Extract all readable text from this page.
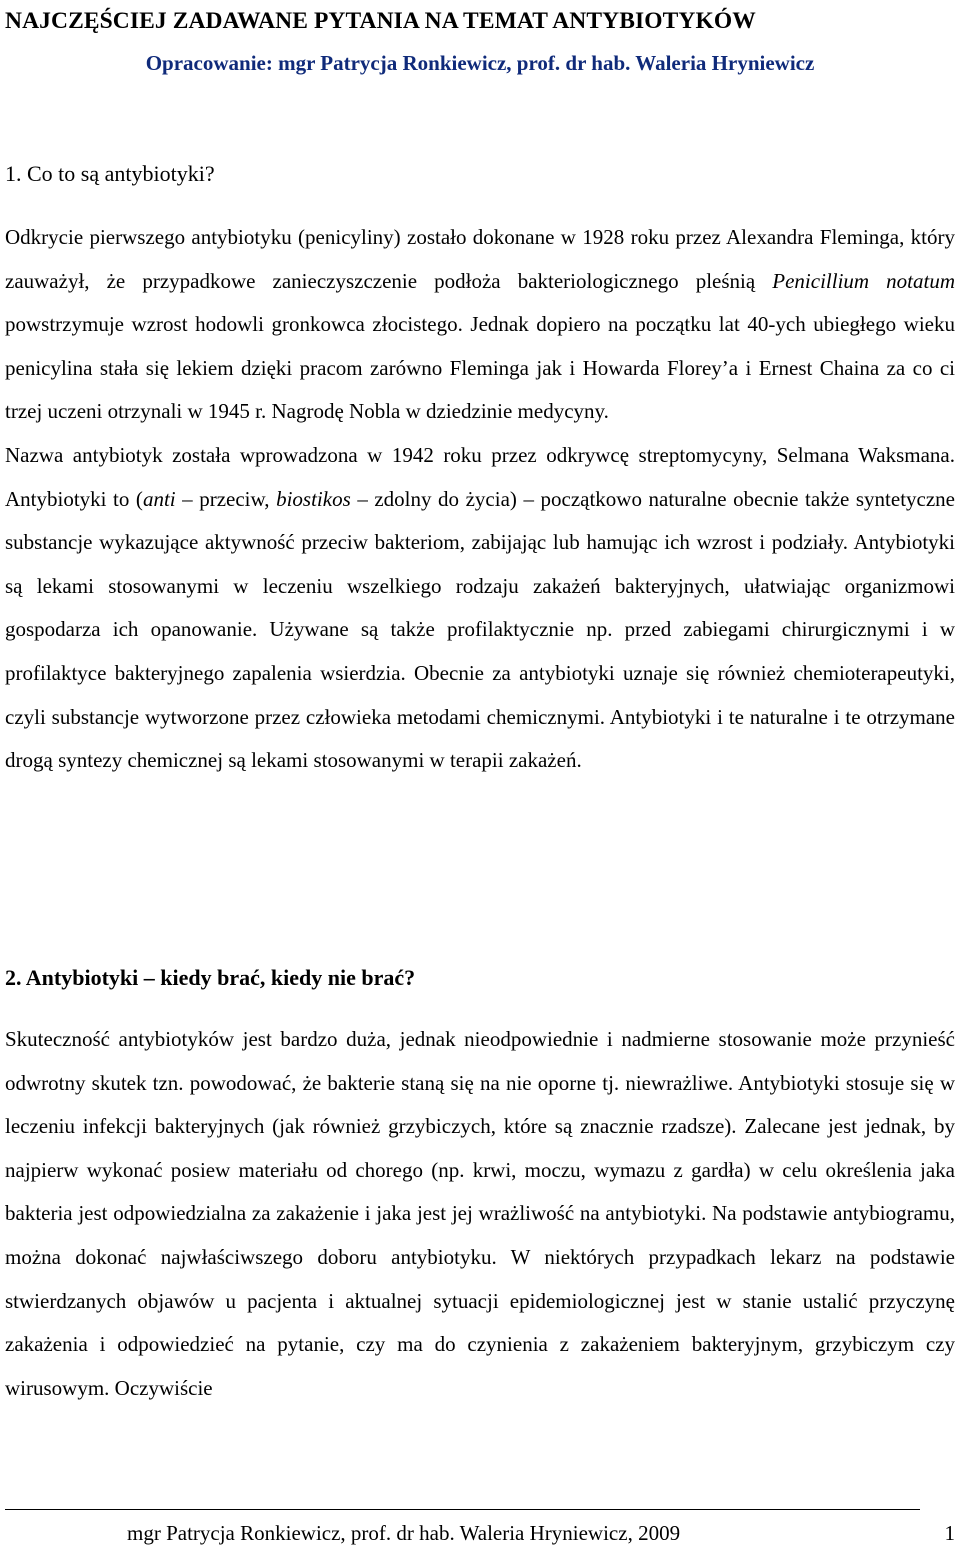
NAJCZĘŚCIEJ ZADAWANE PYTANIA NA TEMAT ANTYBIOTYKÓW

Opracowanie: mgr Patrycja Ronkiewicz, prof. dr hab. Waleria Hryniewicz

1. Co to są antybiotyki?
Odkrycie pierwszego antybiotyku (penicyliny) zostało dokonane w 1928 roku przez Alexandra Fleminga, który zauważył, że przypadkowe zanieczyszczenie podłoża bakteriologicznego pleśnią Penicillium notatum powstrzymuje wzrost hodowli gronkowca złocistego. Jednak dopiero na początku lat 40-ych ubiegłego wieku penicylina stała się lekiem dzięki pracom zarówno Fleminga jak i Howarda Florey’a i Ernest Chaina za co ci trzej uczeni otrzynali w 1945 r. Nagrodę Nobla w dziedzinie medycyny.
Nazwa antybiotyk została wprowadzona w 1942 roku przez odkrywcę streptomycyny, Selmana Waksmana. Antybiotyki to (anti – przeciw, biostikos – zdolny do życia) – początkowo naturalne obecnie także syntetyczne substancje wykazujące aktywność przeciw bakteriom, zabijając lub hamując ich wzrost i podziały. Antybiotyki są lekami stosowanymi w leczeniu wszelkiego rodzaju zakażeń bakteryjnych, ułatwiając organizmowi gospodarza ich opanowanie. Używane są także profilaktycznie np. przed zabiegami chirurgicznymi i w profilaktyce bakteryjnego zapalenia wsierdzia. Obecnie za antybiotyki uznaje się również chemioterapeutyki, czyli substancje wytworzone przez człowieka metodami chemicznymi. Antybiotyki i te naturalne i te otrzymane drogą syntezy chemicznej są lekami stosowanymi w terapii zakażeń.
2. Antybiotyki – kiedy brać, kiedy nie brać?
Skuteczność antybiotyków jest bardzo duża, jednak nieodpowiednie i nadmierne stosowanie może przynieść odwrotny skutek tzn. powodować, że bakterie staną się na nie oporne tj. niewrażliwe. Antybiotyki stosuje się w leczeniu infekcji bakteryjnych (jak również grzybiczych, które są znacznie rzadsze). Zalecane jest jednak, by najpierw wykonać posiew materiału od chorego (np. krwi, moczu, wymazu z gardła) w celu określenia jaka bakteria jest odpowiedzialna za zakażenie i jaka jest jej wrażliwość na antybiotyki. Na podstawie antybiogramu, można dokonać najwłaściwszego doboru antybiotyku. W niektórych przypadkach lekarz na podstawie stwierdzanych objawów u pacjenta i aktualnej sytuacji epidemiologicznej jest w stanie ustalić przyczynę zakażenia i odpowiedzieć na pytanie, czy ma do czynienia z zakażeniem bakteryjnym, grzybiczym czy wirusowym. Oczywiście
mgr Patrycja Ronkiewicz, prof. dr hab. Waleria Hryniewicz, 2009	1
